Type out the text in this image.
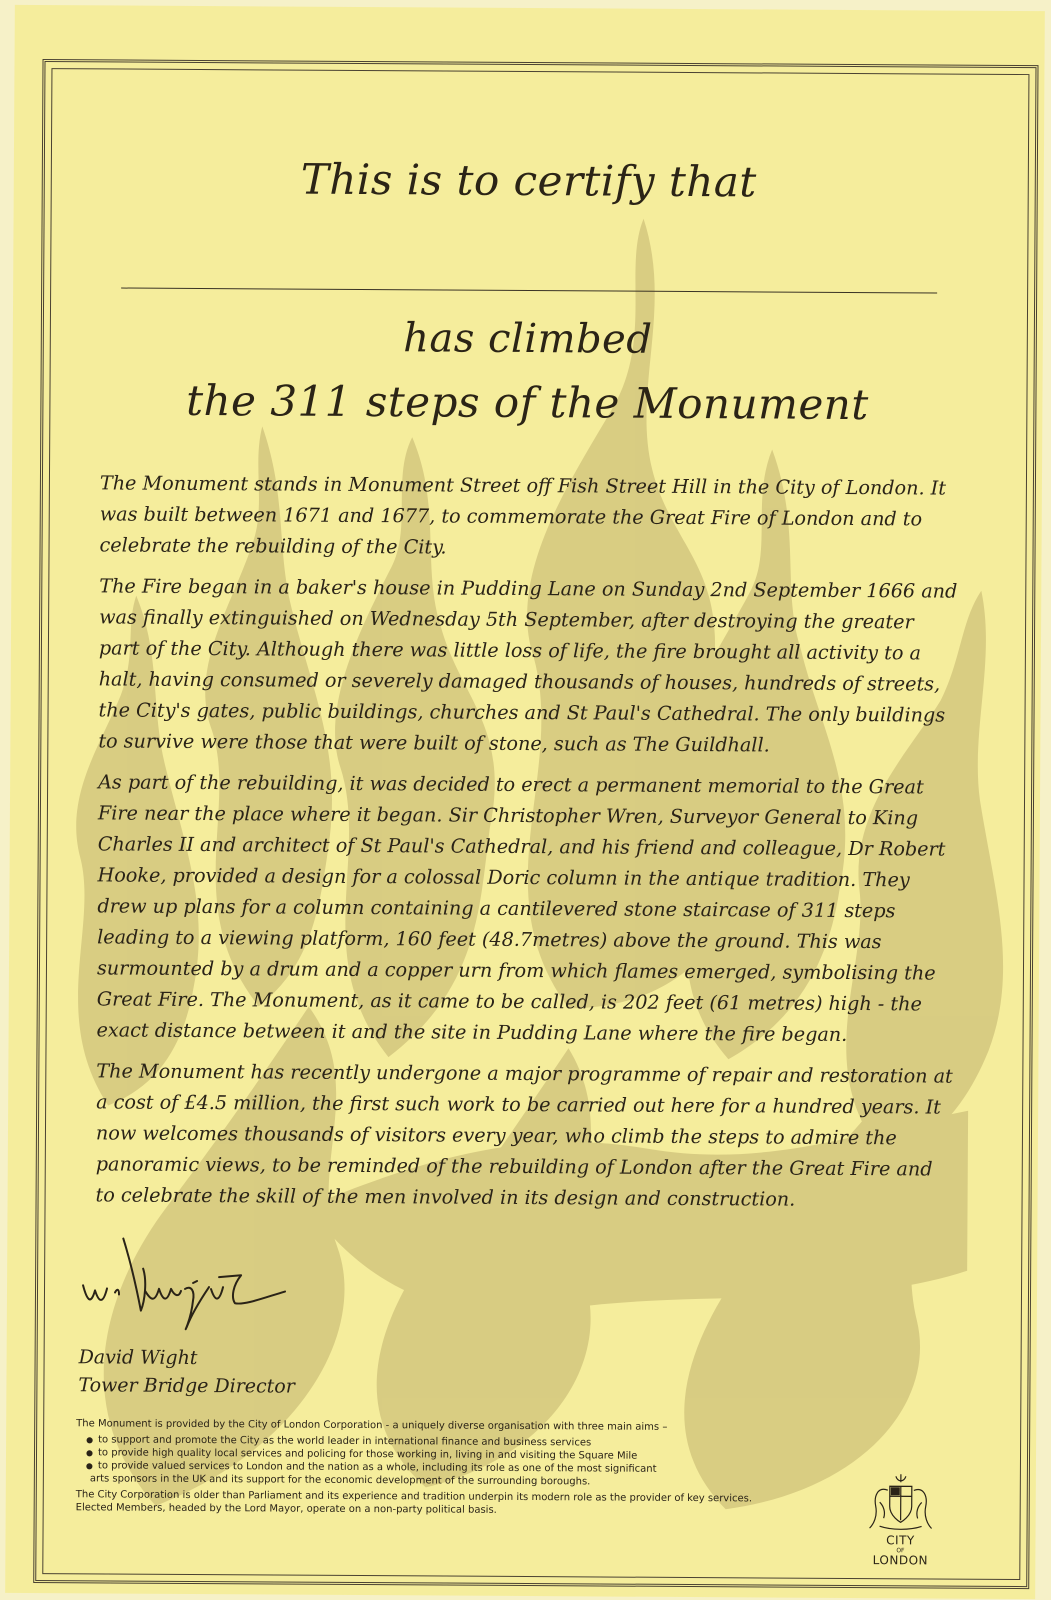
This is to certify that
has climbed
the 311 steps of the Monument

The Monument stands in Monument Street off Fish Street Hill in the City of London. It was built between 1671 and 1677, to commemorate the Great Fire of London and to celebrate the rebuilding of the City.

The Fire began in a baker's house in Pudding Lane on Sunday 2nd September 1666 and was finally extinguished on Wednesday 5th September, after destroying the greater part of the City. Although there was little loss of life, the fire brought all activity to a halt, having consumed or severely damaged thousands of houses, hundreds of streets, the City's gates, public buildings, churches and St Paul's Cathedral. The only buildings to survive were those that were built of stone, such as The Guildhall.

As part of the rebuilding, it was decided to erect a permanent memorial to the Great Fire near the place where it began. Sir Christopher Wren, Surveyor General to King Charles II and architect of St Paul's Cathedral, and his friend and colleague, Dr Robert Hooke, provided a design for a colossal Doric column in the antique tradition. They drew up plans for a column containing a cantilevered stone staircase of 311 steps leading to a viewing platform, 160 feet (48.7metres) above the ground. This was surmounted by a drum and a copper urn from which flames emerged, symbolising the Great Fire. The Monument, as it came to be called, is 202 feet (61 metres) high - the exact distance between it and the site in Pudding Lane where the fire began.

The Monument has recently undergone a major programme of repair and restoration at a cost of £4.5 million, the first such work to be carried out here for a hundred years. It now welcomes thousands of visitors every year, who climb the steps to admire the panoramic views, to be reminded of the rebuilding of London after the Great Fire and to celebrate the skill of the men involved in its design and construction.

David Wight
Tower Bridge Director
The Monument is provided by the City of London Corporation - a uniquely diverse organisation with three main aims –
● to support and promote the City as the world leader in international finance and business services
● to provide high quality local services and policing for those working in, living in and visiting the Square Mile
● to provide valued services to London and the nation as a whole, including its role as one of the most significant
arts sponsors in the UK and its support for the economic development of the surrounding boroughs.
The City Corporation is older than Parliament and its experience and tradition underpin its modern role as the provider of key services.
Elected Members, headed by the Lord Mayor, operate on a non-party political basis.
CITY
OF
LONDON
